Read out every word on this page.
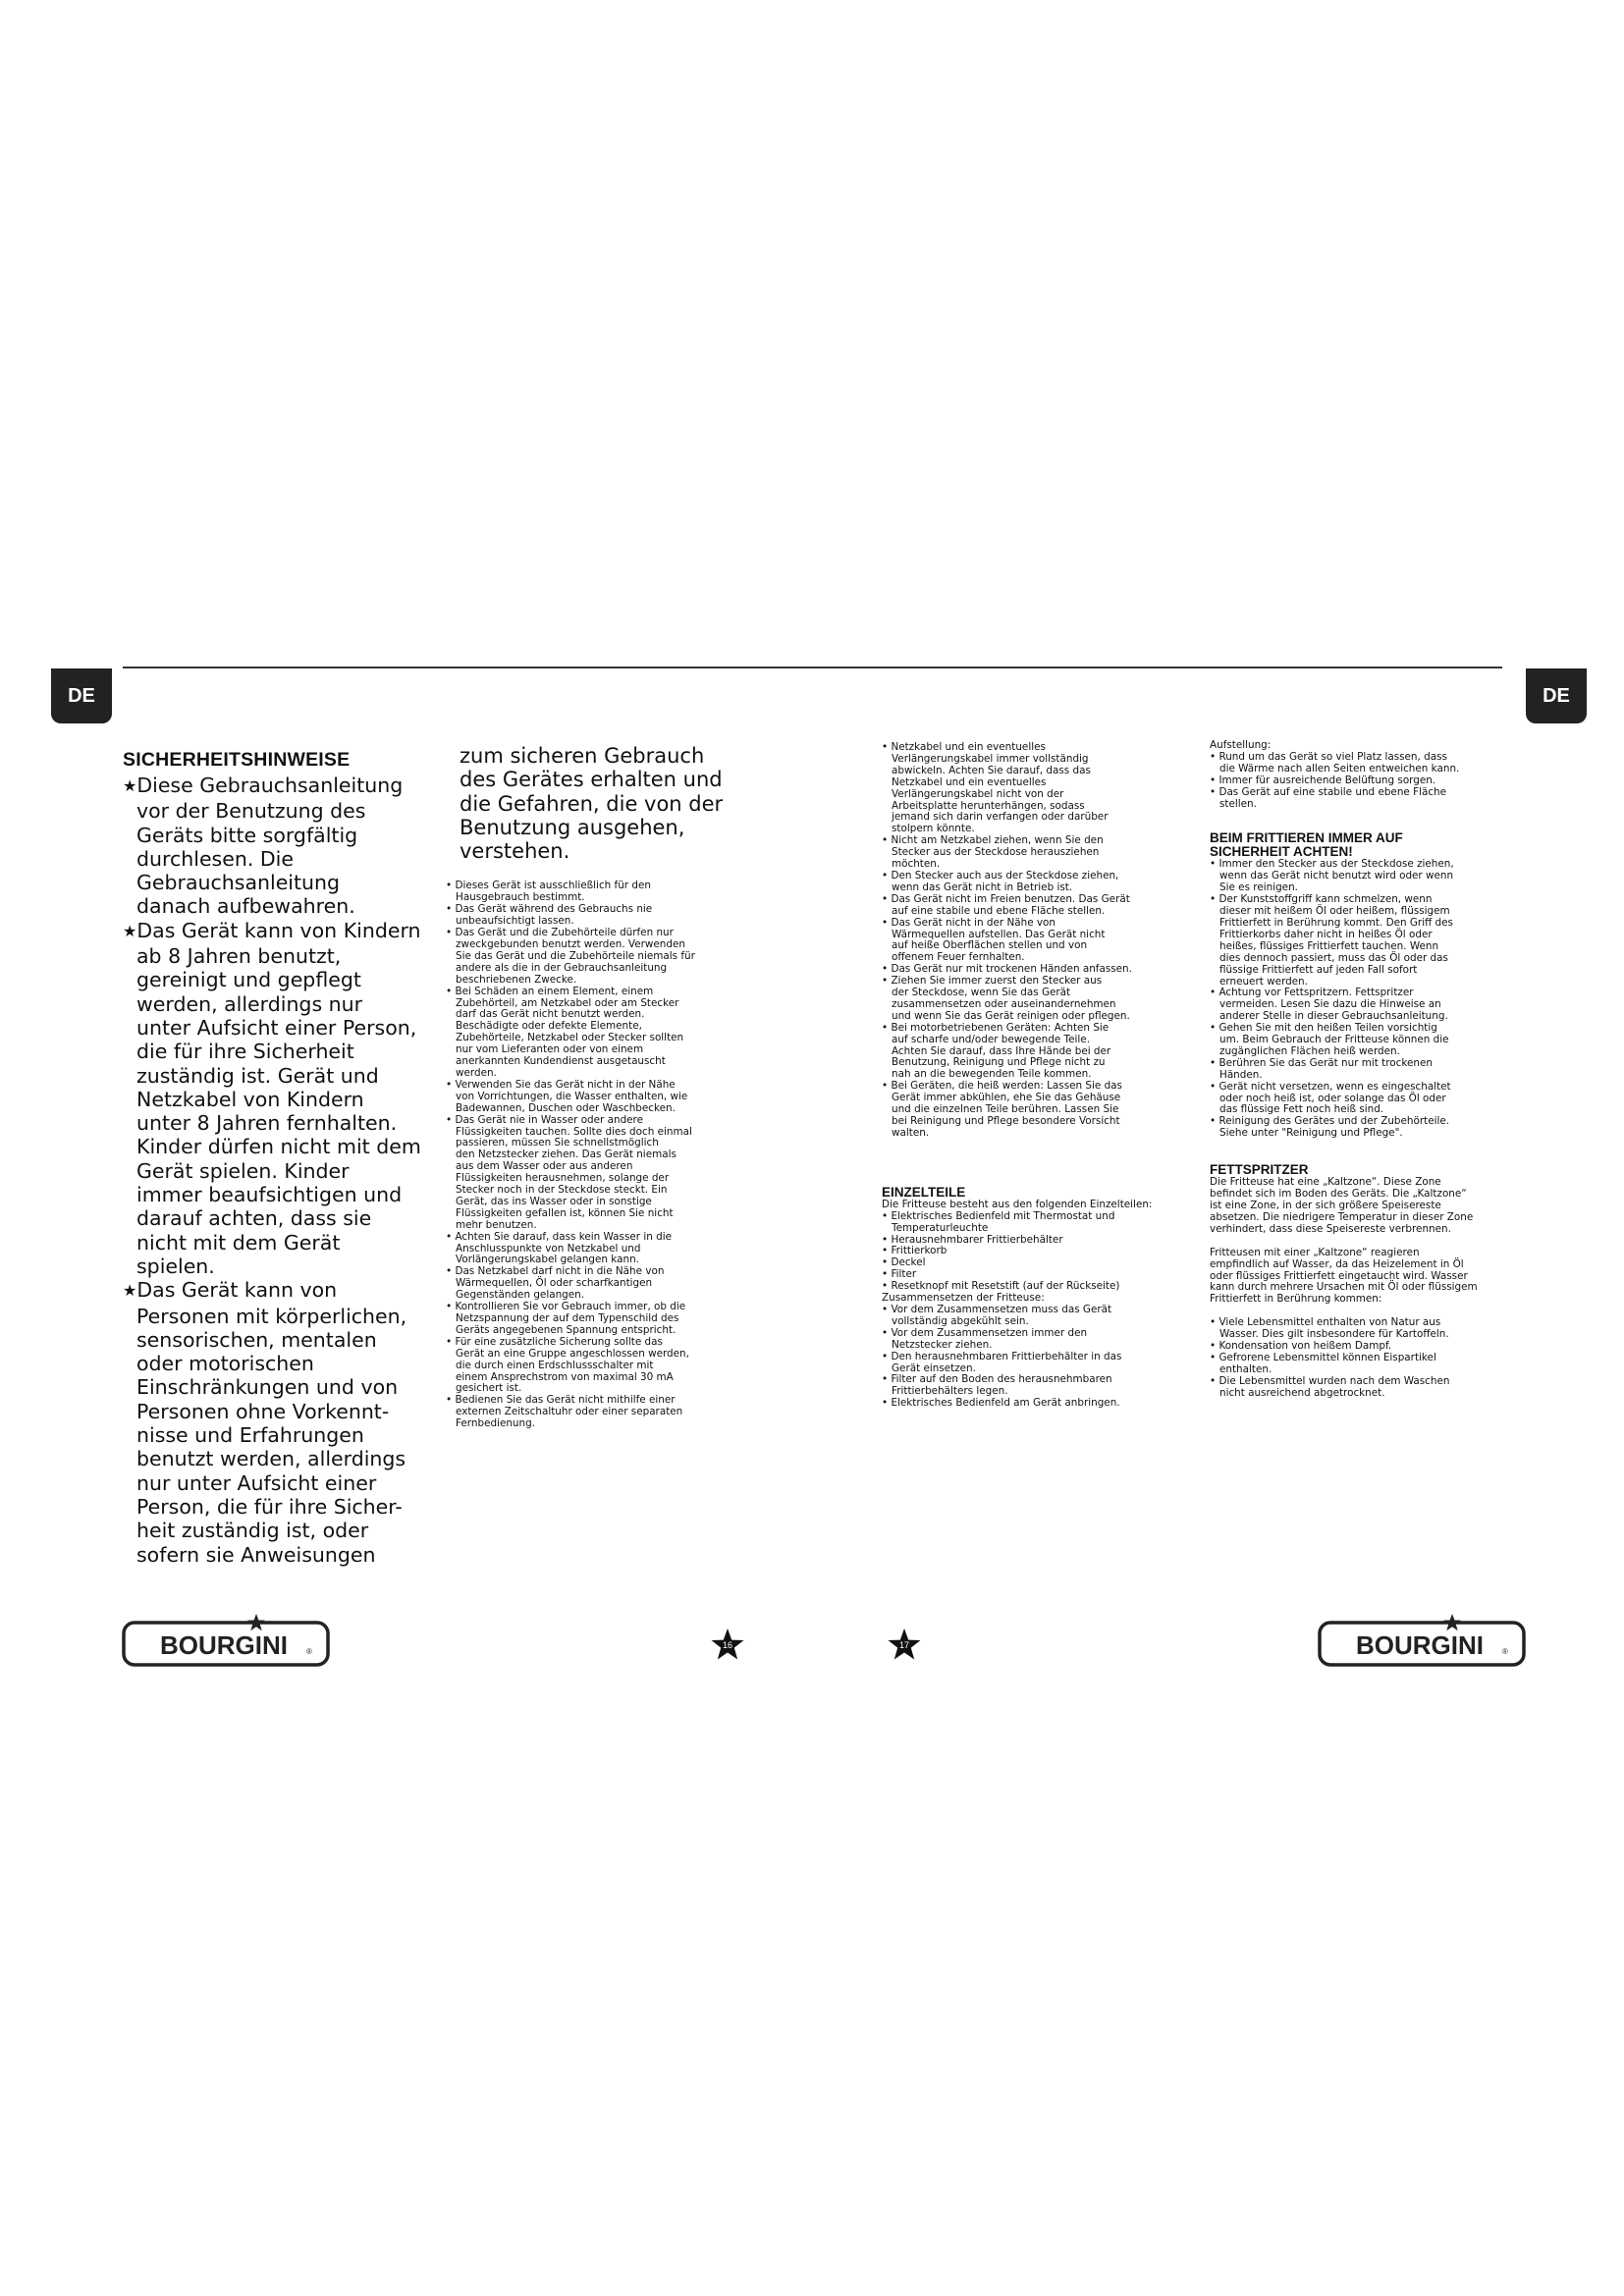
DE	DE
SICHERHEITSHINWEISE

★Diese Gebrauchsanleitung
vor der Benutzung des
Geräts bitte sorgfältig
durchlesen. Die
Gebrauchsanleitung
danach aufbewahren.

★Das Gerät kann von Kindern
ab 8 Jahren benutzt,
gereinigt und gepflegt
werden, allerdings nur
unter Aufsicht einer Person,
die für ihre Sicherheit
zuständig ist. Gerät und
Netzkabel von Kindern
unter 8 Jahren fernhalten.
Kinder dürfen nicht mit dem
Gerät spielen. Kinder
immer beaufsichtigen und
darauf achten, dass sie
nicht mit dem Gerät
spielen.

★Das Gerät kann von
Personen mit körperlichen,
sensorischen, mentalen
oder motorischen
Einschränkungen und von
Personen ohne Vorkennt-
nisse und Erfahrungen
benutzt werden, allerdings
nur unter Aufsicht einer
Person, die für ihre Sicher-
heit zuständig ist, oder
sofern sie Anweisungen

zum sicheren Gebrauch
des Gerätes erhalten und
die Gefahren, die von der
Benutzung ausgehen,
verstehen.

• Dieses Gerät ist ausschließlich für den
Hausgebrauch bestimmt.
• Das Gerät während des Gebrauchs nie
unbeaufsichtigt lassen.
• Das Gerät und die Zubehörteile dürfen nur
zweckgebunden benutzt werden. Verwenden
Sie das Gerät und die Zubehörteile niemals für
andere als die in der Gebrauchsanleitung
beschriebenen Zwecke.
• Bei Schäden an einem Element, einem
Zubehörteil, am Netzkabel oder am Stecker
darf das Gerät nicht benutzt werden.
Beschädigte oder defekte Elemente,
Zubehörteile, Netzkabel oder Stecker sollten
nur vom Lieferanten oder von einem
anerkannten Kundendienst ausgetauscht
werden.
• Verwenden Sie das Gerät nicht in der Nähe
von Vorrichtungen, die Wasser enthalten, wie
Badewannen, Duschen oder Waschbecken.
• Das Gerät nie in Wasser oder andere
Flüssigkeiten tauchen. Sollte dies doch einmal
passieren, müssen Sie schnellstmöglich
den Netzstecker ziehen. Das Gerät niemals
aus dem Wasser oder aus anderen
Flüssigkeiten herausnehmen, solange der
Stecker noch in der Steckdose steckt. Ein
Gerät, das ins Wasser oder in sonstige
Flüssigkeiten gefallen ist, können Sie nicht
mehr benutzen.
• Achten Sie darauf, dass kein Wasser in die
Anschlusspunkte von Netzkabel und
Vorlängerungskabel gelangen kann.
• Das Netzkabel darf nicht in die Nähe von
Wärmequellen, Öl oder scharfkantigen
Gegenständen gelangen.
• Kontrollieren Sie vor Gebrauch immer, ob die
Netzspannung der auf dem Typenschild des
Geräts angegebenen Spannung entspricht.
• Für eine zusätzliche Sicherung sollte das
Gerät an eine Gruppe angeschlossen werden,
die durch einen Erdschlussschalter mit
einem Ansprechstrom von maximal 30 mA
gesichert ist.
• Bedienen Sie das Gerät nicht mithilfe einer
externen Zeitschaltuhr oder einer separaten
Fernbedienung.
• Netzkabel und ein eventuelles
Verlängerungskabel immer vollständig
abwickeln. Achten Sie darauf, dass das
Netzkabel und ein eventuelles
Verlängerungskabel nicht von der
Arbeitsplatte herunterhängen, sodass
jemand sich darin verfangen oder darüber
stolpern könnte.
• Nicht am Netzkabel ziehen, wenn Sie den
Stecker aus der Steckdose herausziehen
möchten.
• Den Stecker auch aus der Steckdose ziehen,
wenn das Gerät nicht in Betrieb ist.
• Das Gerät nicht im Freien benutzen. Das Gerät
auf eine stabile und ebene Fläche stellen.
• Das Gerät nicht in der Nähe von
Wärmequellen aufstellen. Das Gerät nicht
auf heiße Oberflächen stellen und von
offenem Feuer fernhalten.
• Das Gerät nur mit trockenen Händen anfassen.
• Ziehen Sie immer zuerst den Stecker aus
der Steckdose, wenn Sie das Gerät
zusammensetzen oder auseinandernehmen
und wenn Sie das Gerät reinigen oder pflegen.
• Bei motorbetriebenen Geräten: Achten Sie
auf scharfe und/oder bewegende Teile.
Achten Sie darauf, dass Ihre Hände bei der
Benutzung, Reinigung und Pflege nicht zu
nah an die bewegenden Teile kommen.
• Bei Geräten, die heiß werden: Lassen Sie das
Gerät immer abkühlen, ehe Sie das Gehäuse
und die einzelnen Teile berühren. Lassen Sie
bei Reinigung und Pflege besondere Vorsicht
walten.
EINZELTEILE

Die Fritteuse besteht aus den folgenden Einzelteilen:

• Elektrisches Bedienfeld mit Thermostat und
Temperaturleuchte
• Herausnehmbarer Frittierbehälter
• Frittierkorb
• Deckel
• Filter
• Resetknopf mit Resetstift (auf der Rückseite)

Zusammensetzen der Fritteuse:

• Vor dem Zusammensetzen muss das Gerät
vollständig abgekühlt sein.
• Vor dem Zusammensetzen immer den
Netzstecker ziehen.
• Den herausnehmbaren Frittierbehälter in das
Gerät einsetzen.
• Filter auf den Boden des herausnehmbaren
Frittierbehälters legen.
• Elektrisches Bedienfeld am Gerät anbringen.

Aufstellung:

• Rund um das Gerät so viel Platz lassen, dass
die Wärme nach allen Seiten entweichen kann.
• Immer für ausreichende Belüftung sorgen.
• Das Gerät auf eine stabile und ebene Fläche
stellen.
BEIM FRITTIEREN IMMER AUF
SICHERHEIT ACHTEN!
• Immer den Stecker aus der Steckdose ziehen,
wenn das Gerät nicht benutzt wird oder wenn
Sie es reinigen.
• Der Kunststoffgriff kann schmelzen, wenn
dieser mit heißem Öl oder heißem, flüssigem
Frittierfett in Berührung kommt. Den Griff des
Frittierkorbs daher nicht in heißes Öl oder
heißes, flüssiges Frittierfett tauchen. Wenn
dies dennoch passiert, muss das Öl oder das
flüssige Frittierfett auf jeden Fall sofort
erneuert werden.
• Achtung vor Fettspritzern. Fettspritzer
vermeiden. Lesen Sie dazu die Hinweise an
anderer Stelle in dieser Gebrauchsanleitung.
• Gehen Sie mit den heißen Teilen vorsichtig
um. Beim Gebrauch der Fritteuse können die
zugänglichen Flächen heiß werden.
• Berühren Sie das Gerät nur mit trockenen
Händen.
• Gerät nicht versetzen, wenn es eingeschaltet
oder noch heiß ist, oder solange das Öl oder
das flüssige Fett noch heiß sind.
• Reinigung des Gerätes und der Zubehörteile.
Siehe unter "Reinigung und Pflege".
FETTSPRITZER

Die Fritteuse hat eine „Kaltzone“. Diese Zone
befindet sich im Boden des Geräts. Die „Kaltzone“
ist eine Zone, in der sich größere Speisereste
absetzen. Die niedrigere Temperatur in dieser Zone
verhindert, dass diese Speisereste verbrennen.

Fritteusen mit einer „Kaltzone“ reagieren
empfindlich auf Wasser, da das Heizelement in Öl
oder flüssiges Frittierfett eingetaucht wird. Wasser
kann durch mehrere Ursachen mit Öl oder flüssigem
Frittierfett in Berührung kommen:

• Viele Lebensmittel enthalten von Natur aus
Wasser. Dies gilt insbesondere für Kartoffeln.
• Kondensation von heißem Dampf.
• Gefrorene Lebensmittel können Eispartikel
enthalten.
• Die Lebensmittel wurden nach dem Waschen
nicht ausreichend abgetrocknet.
BOURGINI ®	BOURGINI ®
16	17
